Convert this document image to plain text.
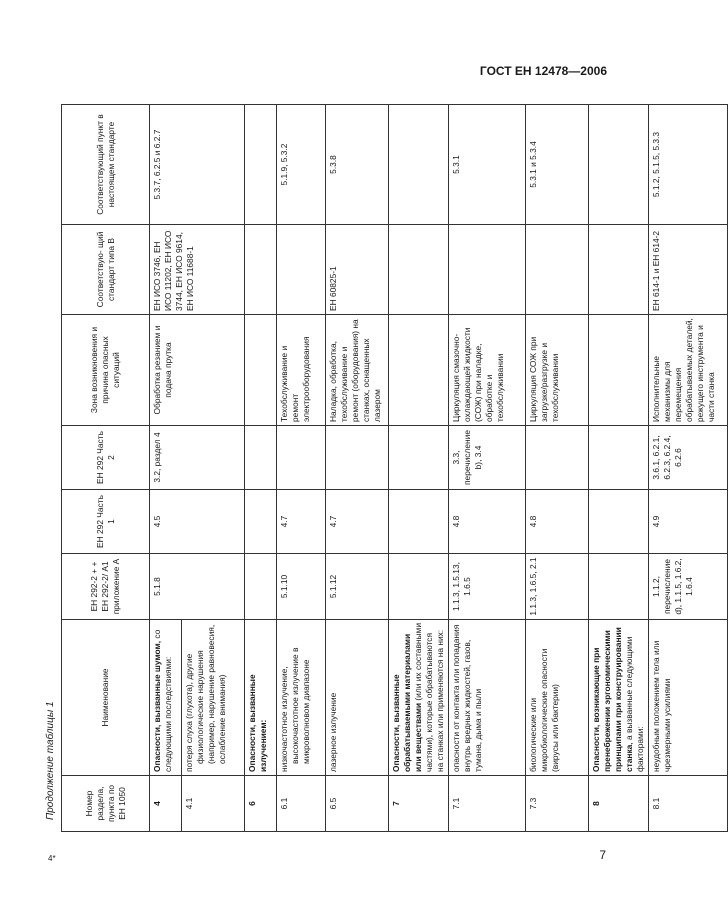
ГОСТ ЕН 12478—2006
Продолжение таблицы 1	Номер раздела, пункта по ЕН 1050	Наименование	ЕН 292-2 + + ЕН 292-2/ А1 приложение А	ЕН 292 Часть 1	ЕН 292 Часть 2	Зона возникновения и причина опасных ситуаций	Соответствую- щий стандарт типа В	Соответствующий пункт в настоящем стандарте
4	Опасности, вызванные шумом, со следующими последствиями:	5.1.8	4.5	3.2, раздел 4	Обработка резанием и подача прутка	ЕН ИСО 3746, ЕН ИСО 11202, ЕН ИСО 3744, ЕН ИСО 9614, ЕН ИСО 11688-1	5.3.7, 6.2.5 и 6.2.7
4.1	потеря слуха (глухота), другие физиологические нарушения (например, нарушение равновесия, ослабление внимания)						

6	Опасности, вызванные излучением:						
6.1	низкочастотное излучение, высокочастотное излучение в микроволновом диапазоне	5.1.10	4.7		Техобслуживание и ремонт электрооборудования		5.1.9, 5.3.2
6.5	лазерное излучение	5.1.12	4.7		Наладка, обработка, техобслуживание и ремонт (оборудования) на станках, оснащенных лазером	ЕН 60825-1	5.3.8
7	Опасности, вызванные обрабатываемыми материалами или веществами (или их составными частями), которые обрабатываются на станках или применяются на них:						
7.1	опасности от контакта или попадания внутрь вредных жидкостей, газов, тумана, дыма и пыли	1.1.3, 1.5.13, 1.6.5	4.8	3.3, перечисление b), 3.4	Циркуляция смазочно-охлаждающей жидкости (СОЖ) при наладке, обработке и техобслуживании		5.3.1
7.3	биологические или микробиологические опасности (вирусы или бактерии)	1.1.3, 1.6.5, 2.1	4.8		Циркуляция СОЖ при загрузке/разгрузке и техобслуживании		5.3.1 и 5.3.4
8	Опасности, возникающие при пренебрежении эргономическими принципами при конструировании станка, а вызванные следующими факторами:						
8.1	неудобным положением тела или чрезмерными усилиями	1.1.2, перечисление d), 1.1.5, 1.6.2, 1.6.4	4.9	3.6.1, 6.2.1, 6.2.3, 6.2.4, 6.2.6	Исполнительные механизмы для перемещения обрабатываемых деталей, режущего инструмента и части станка	ЕН 614-1 и ЕН 614-2	5.1.2, 5.1.5, 5.3.3
4*	7
